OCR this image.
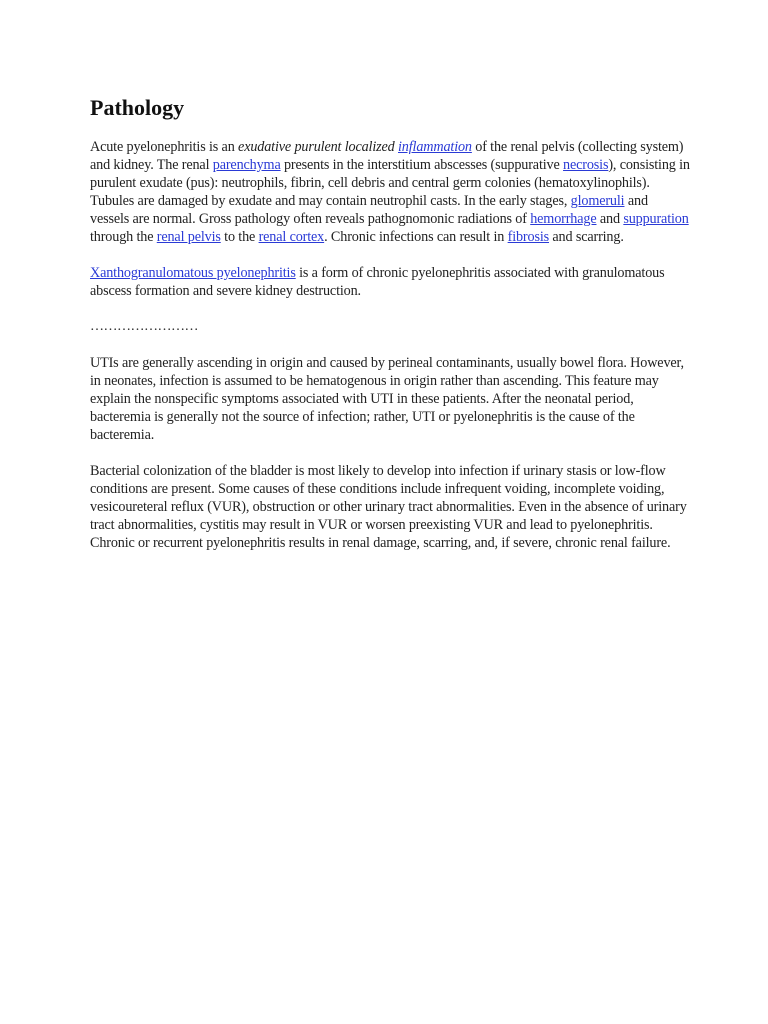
Pathology

Acute pyelonephritis is an exudative purulent localized inflammation of the renal pelvis (collecting system) and kidney. The renal parenchyma presents in the interstitium abscesses (suppurative necrosis), consisting in purulent exudate (pus): neutrophils, fibrin, cell debris and central germ colonies (hematoxylinophils). Tubules are damaged by exudate and may contain neutrophil casts. In the early stages, glomeruli and vessels are normal. Gross pathology often reveals pathognomonic radiations of hemorrhage and suppuration through the renal pelvis to the renal cortex. Chronic infections can result in fibrosis and scarring.

Xanthogranulomatous pyelonephritis is a form of chronic pyelonephritis associated with granulomatous abscess formation and severe kidney destruction.

……………………

UTIs are generally ascending in origin and caused by perineal contaminants, usually bowel flora. However, in neonates, infection is assumed to be hematogenous in origin rather than ascending. This feature may explain the nonspecific symptoms associated with UTI in these patients. After the neonatal period, bacteremia is generally not the source of infection; rather, UTI or pyelonephritis is the cause of the bacteremia.

Bacterial colonization of the bladder is most likely to develop into infection if urinary stasis or low-flow conditions are present. Some causes of these conditions include infrequent voiding, incomplete voiding, vesicoureteral reflux (VUR), obstruction or other urinary tract abnormalities. Even in the absence of urinary tract abnormalities, cystitis may result in VUR or worsen preexisting VUR and lead to pyelonephritis. Chronic or recurrent pyelonephritis results in renal damage, scarring, and, if severe, chronic renal failure.
